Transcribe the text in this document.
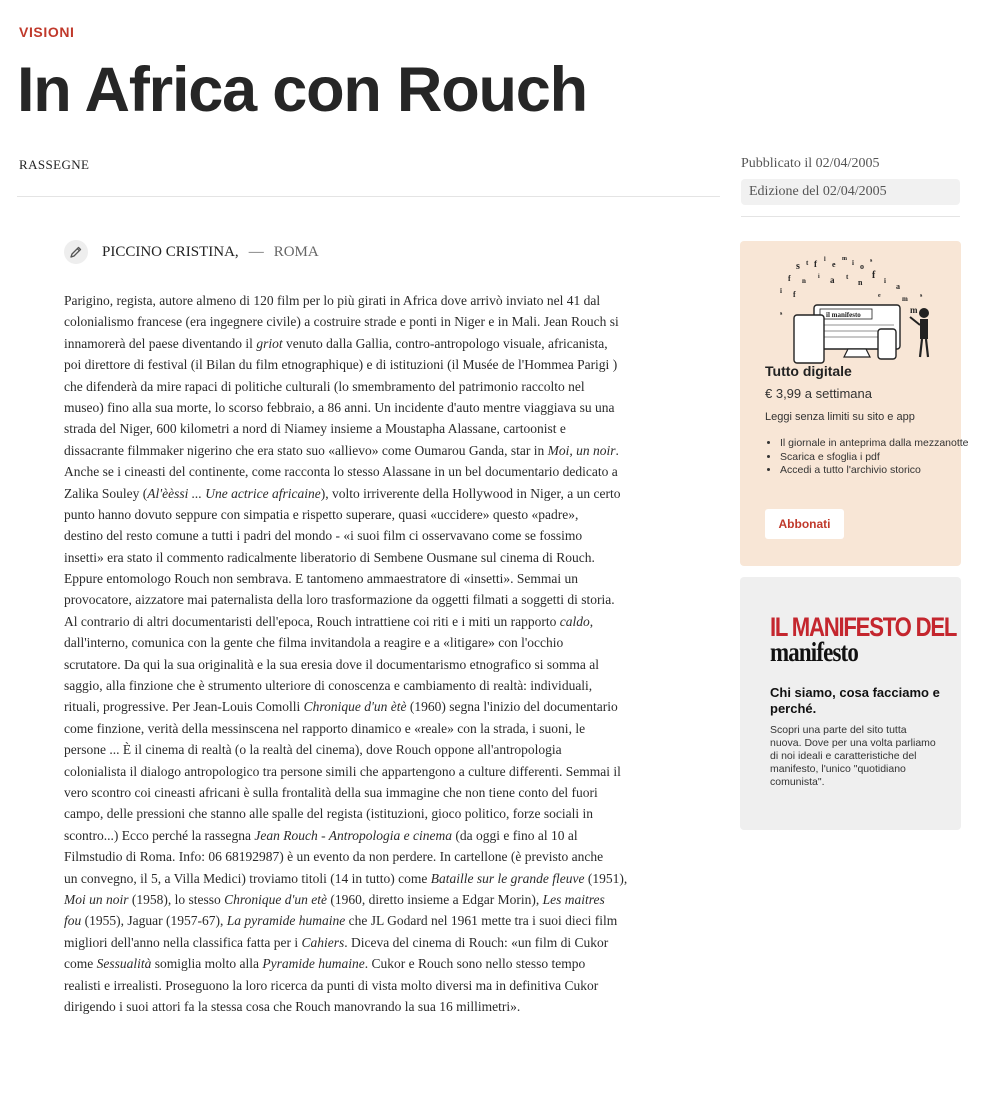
VISIONI
In Africa con Rouch
RASSEGNE
PICCINO CRISTINA, — ROMA
Parigino, regista, autore almeno di 120 film per lo più girati in Africa dove arrivò inviato nel 41 dal
colonialismo francese (era ingegnere civile) a costruire strade e ponti in Niger e in Mali. Jean Rouch si
innamorerà del paese diventando il griot venuto dalla Gallia, contro-antropologo visuale, africanista,
poi direttore di festival (il Bilan du film etnographique) e di istituzioni (il Musée de l'Hommea Parigi )
che difenderà da mire rapaci di politiche culturali (lo smembramento del patrimonio raccolto nel
museo) fino alla sua morte, lo scorso febbraio, a 86 anni. Un incidente d'auto mentre viaggiava su una
strada del Niger, 600 kilometri a nord di Niamey insieme a Moustapha Alassane, cartoonist e
dissacrante filmmaker nigerino che era stato suo «allievo» come Oumarou Ganda, star in Moi, un noir.
Anche se i cineasti del continente, come racconta lo stesso Alassane in un bel documentario dedicato a
Zalika Souley (Al'èèssi ... Une actrice africaine), volto irriverente della Hollywood in Niger, a un certo
punto hanno dovuto seppure con simpatia e rispetto superare, quasi «uccidere» questo «padre»,
destino del resto comune a tutti i padri del mondo - «i suoi film ci osservavano come se fossimo
insetti» era stato il commento radicalmente liberatorio di Sembene Ousmane sul cinema di Rouch.
Eppure entomologo Rouch non sembrava. E tantomeno ammaestratore di «insetti». Semmai un
provocatore, aizzatore mai paternalista della loro trasformazione da oggetti filmati a soggetti di storia.
Al contrario di altri documentaristi dell'epoca, Rouch intrattiene coi riti e i miti un rapporto caldo,
dall'interno, comunica con la gente che filma invitandola a reagire e a «litigare» con l'occhio
scrutatore. Da qui la sua originalità e la sua eresia dove il documentarismo etnografico si somma al
saggio, alla finzione che è strumento ulteriore di conoscenza e cambiamento di realtà: individuali,
rituali, progressive. Per Jean-Louis Comolli Chronique d'un ètè (1960) segna l'inizio del documentario
come finzione, verità della messinscena nel rapporto dinamico e «reale» con la strada, i suoni, le
persone ... È il cinema di realtà (o la realtà del cinema), dove Rouch oppone all'antropologia
colonialista il dialogo antropologico tra persone simili che appartengono a culture differenti. Semmai il
vero scontro coi cineasti africani è sulla frontalità della sua immagine che non tiene conto del fuori
campo, delle pressioni che stanno alle spalle del regista (istituzioni, gioco politico, forze sociali in
scontro...) Ecco perché la rassegna Jean Rouch - Antropologia e cinema (da oggi e fino al 10 al
Filmstudio di Roma. Info: 06 68192987) è un evento da non perdere. In cartellone (è previsto anche
un convegno, il 5, a Villa Medici) troviamo titoli (14 in tutto) come Bataille sur le grande fleuve (1951),
Moi un noir (1958), lo stesso Chronique d'un etè (1960, diretto insieme a Edgar Morin), Les maitres
fou (1955), Jaguar (1957-67), La pyramide humaine che JL Godard nel 1961 mette tra i suoi dieci film
migliori dell'anno nella classifica fatta per i Cahiers. Diceva del cinema di Rouch: «un film di Cukor
come Sessualità somiglia molto alla Pyramide humaine. Cukor e Rouch sono nello stesso tempo
realisti e irrealisti. Proseguono la loro ricerca da punti di vista molto diversi ma in definitiva Cukor
dirigendo i suoi attori fa la stessa cosa che Rouch manovrando la sua 16 millimetri».
Pubblicato il 02/04/2005
Edizione del 02/04/2005
s t f l e
m i o
s
f n i a t
n
f i
a
i f	e	m
m
s
s	il manifesto
Tutto digitale
€ 3,99 a settimana
Leggi senza limiti su sito e app
• Il giornale in anteprima dalla mezzanotte
• Scarica e sfoglia i pdf
• Accedi a tutto l'archivio storico
Abbonati
IL MANIFESTO DEL
manifesto
Chi siamo, cosa facciamo e perché.
Scopri una parte del sito tutta nuova. Dove per una volta parliamo di noi ideali e caratteristiche del manifesto, l'unico "quotidiano comunista".
